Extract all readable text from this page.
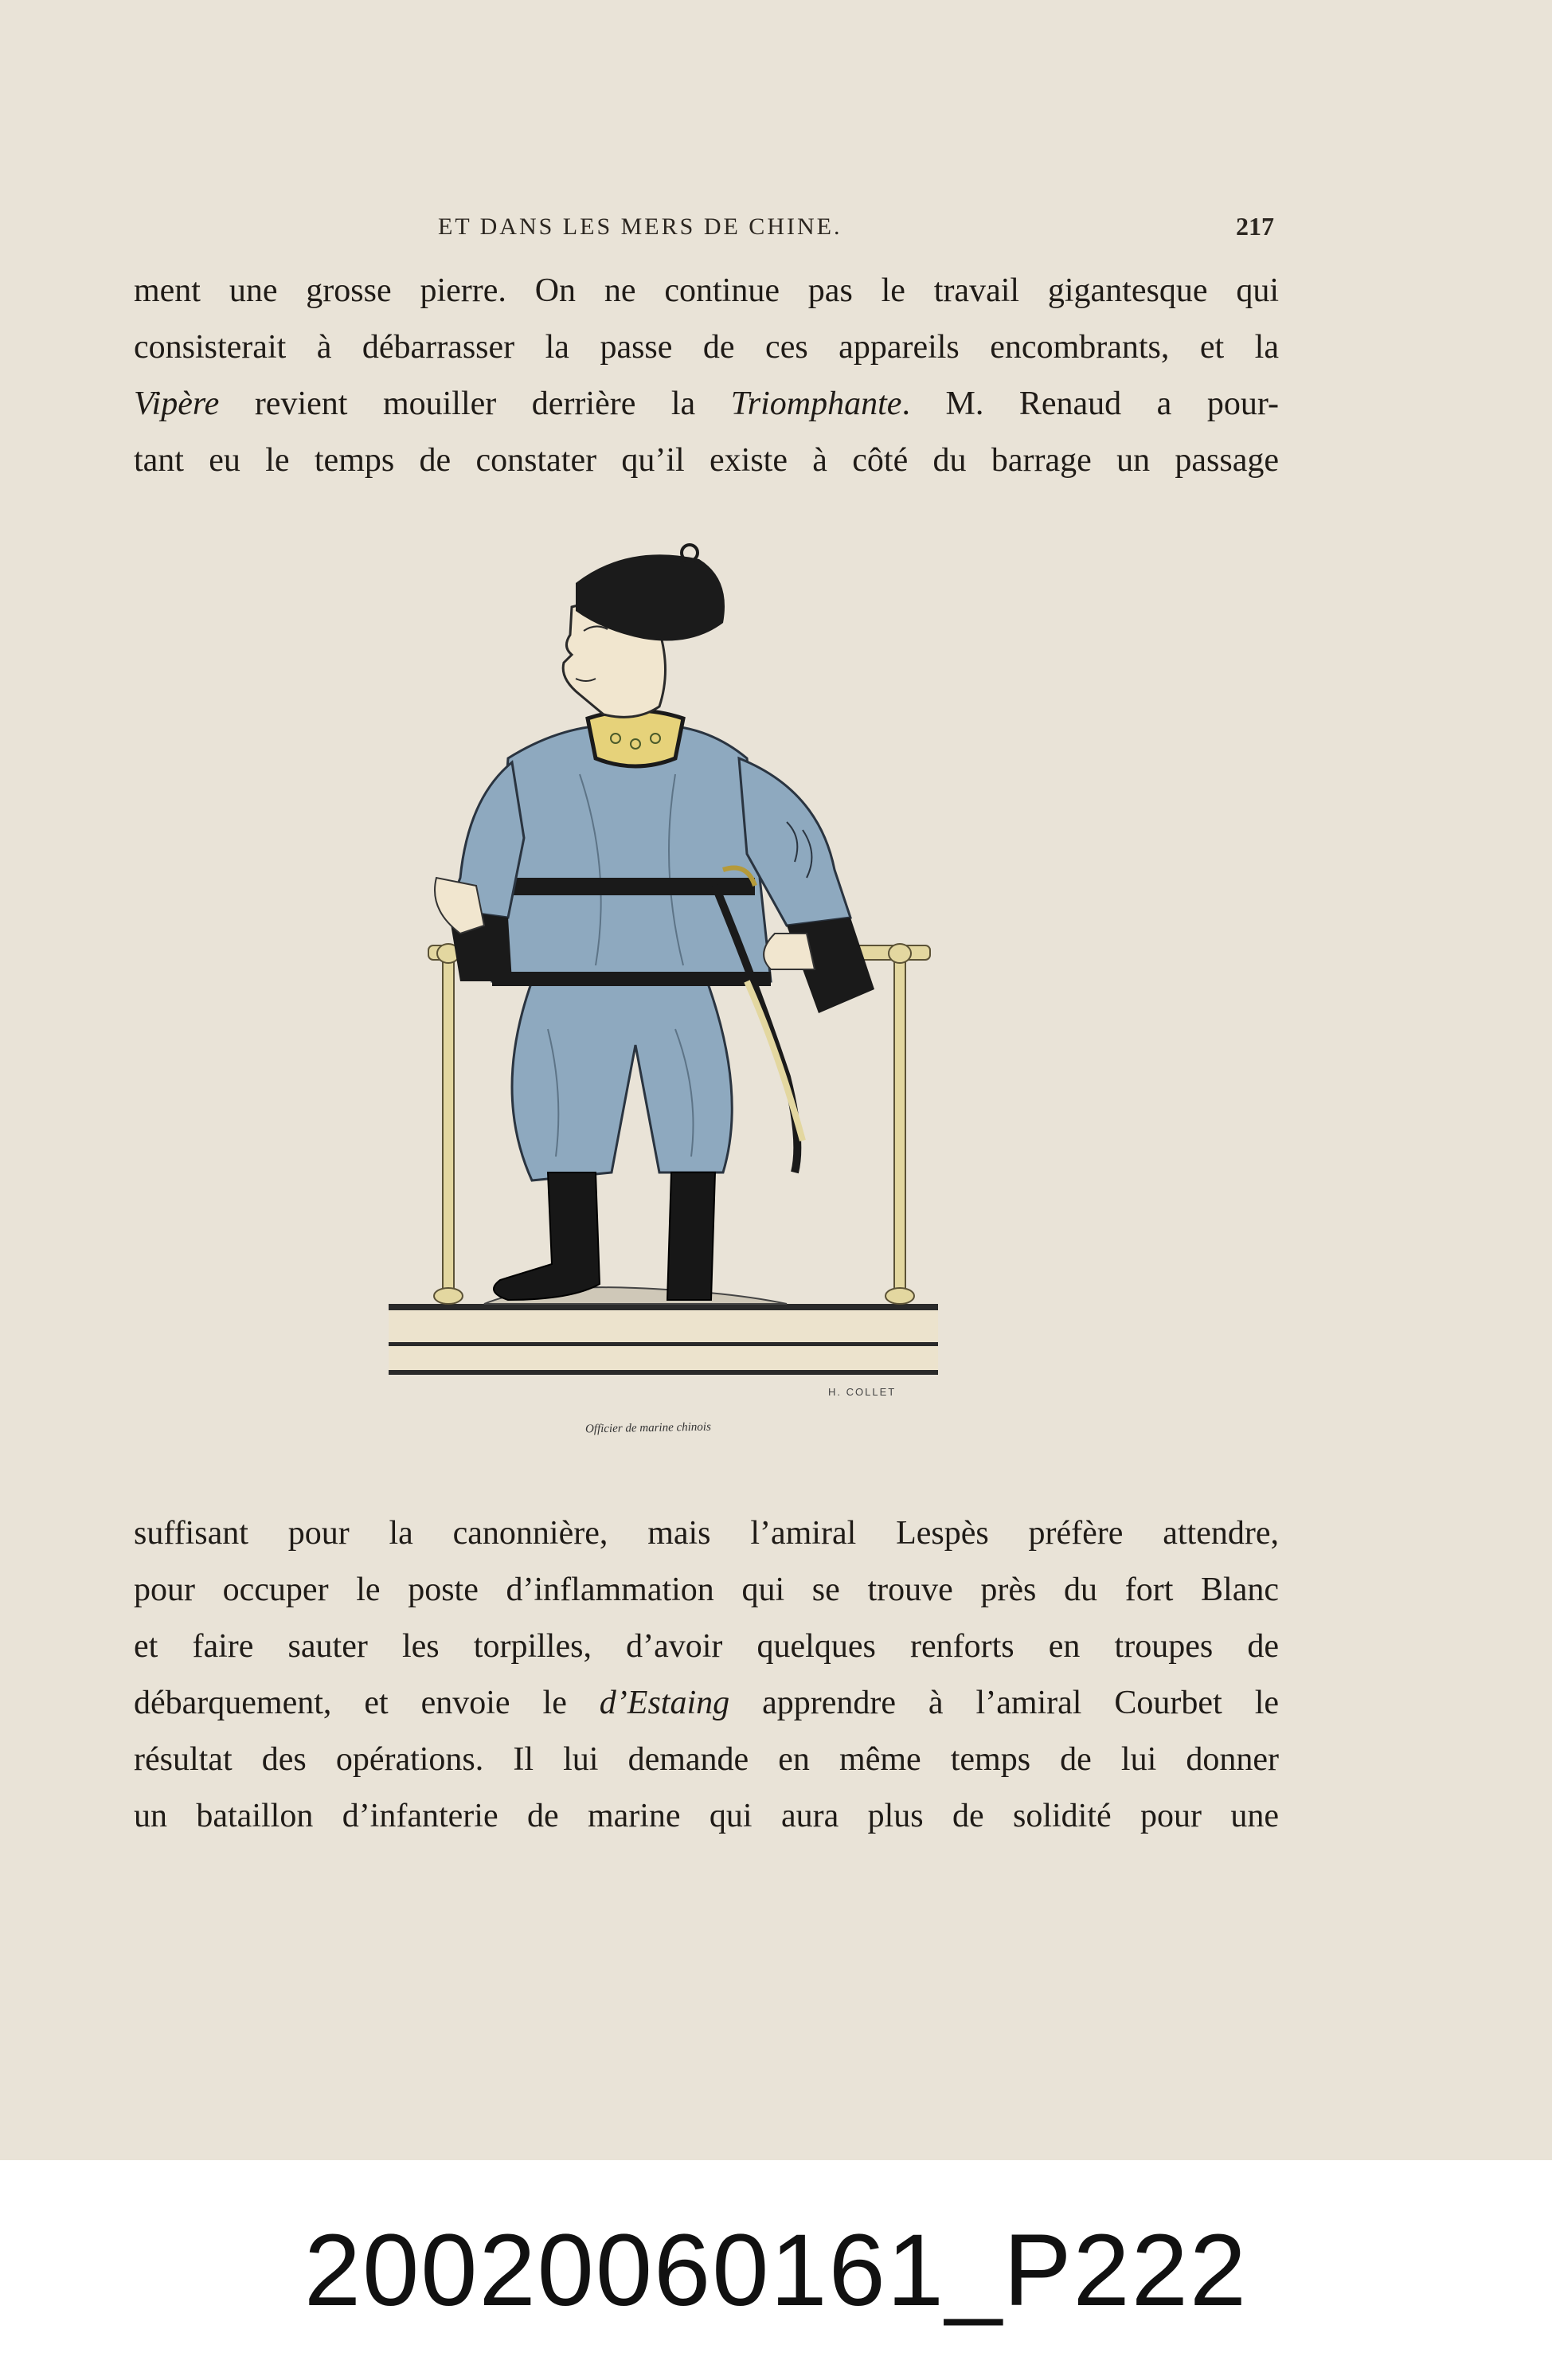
ET DANS LES MERS DE CHINE.	217

ment une grosse pierre. On ne continue pas le travail gigantesque qui
consisterait à débarrasser la passe de ces appareils encombrants, et la
Vipère revient mouiller derrière la Triomphante. M. Renaud a pour-
tant eu le temps de constater qu’il existe à côté du barrage un passage

H. COLLET
Officier de marine chinois

suffisant pour la canonnière, mais l’amiral Lespès préfère attendre,
pour occuper le poste d’inflammation qui se trouve près du fort Blanc
et faire sauter les torpilles, d’avoir quelques renforts en troupes de
débarquement, et envoie le d’Estaing apprendre à l’amiral Courbet le
résultat des opérations. Il lui demande en même temps de lui donner
un bataillon d’infanterie de marine qui aura plus de solidité pour une

20020060161_P222
